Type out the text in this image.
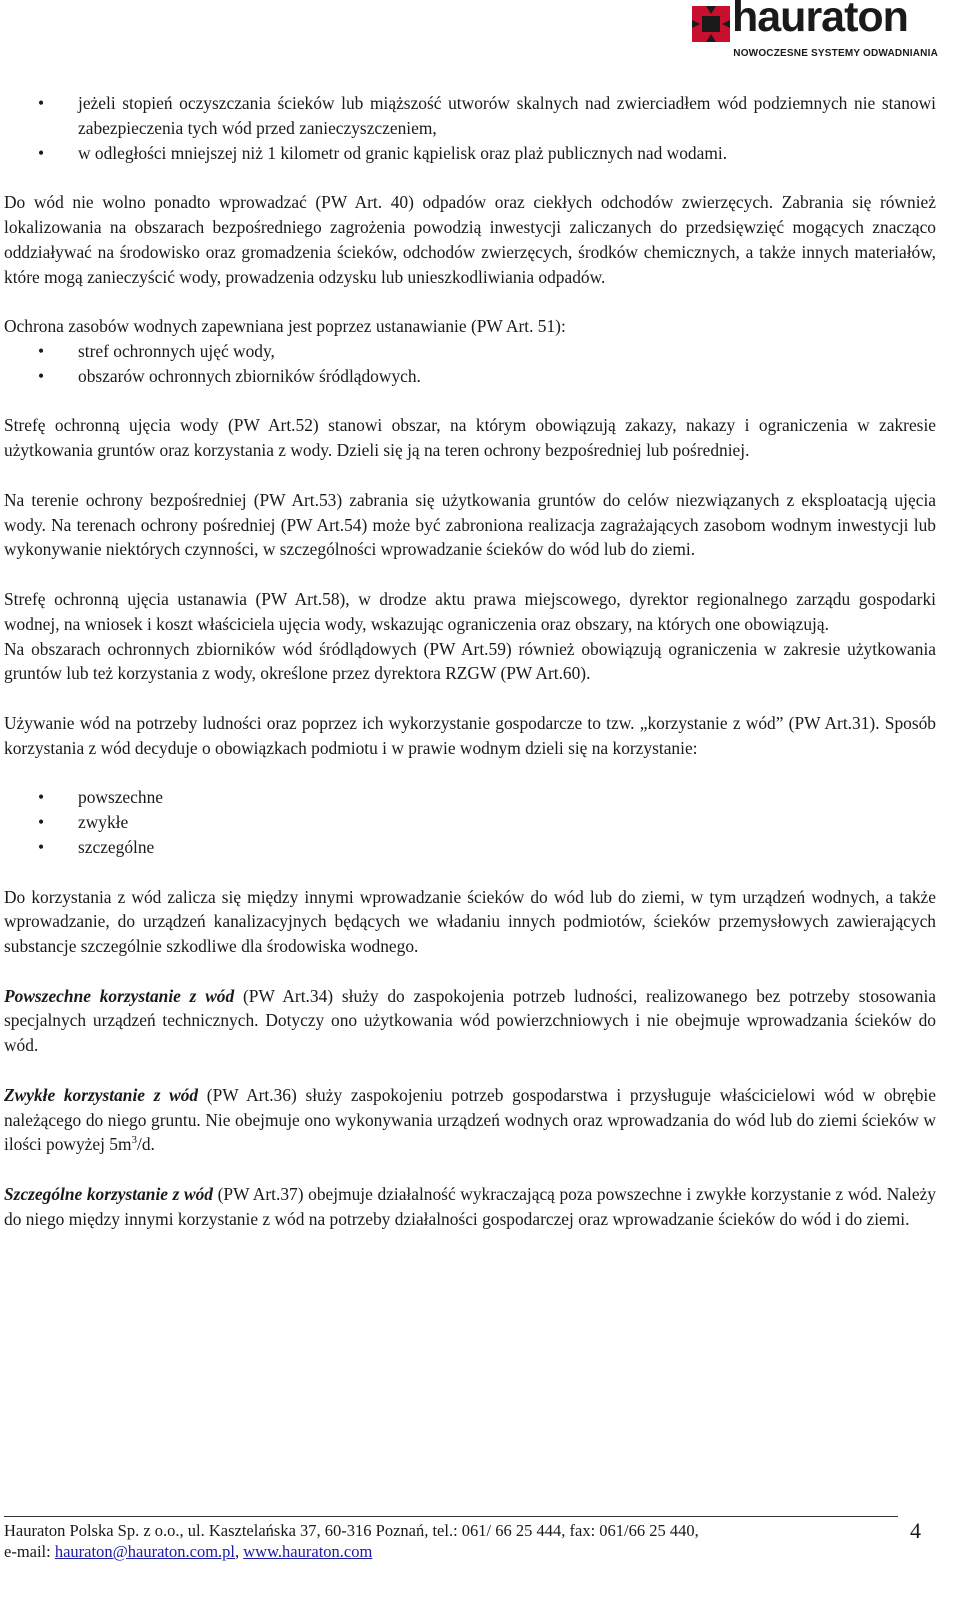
hauraton
NOWOCZESNE SYSTEMY ODWADNIANIA
• jeżeli stopień oczyszczania ścieków lub miąższość utworów skalnych nad zwierciadłem wód podziemnych nie stanowi zabezpieczenia tych wód przed zanieczyszczeniem,
• w odległości mniejszej niż 1 kilometr od granic kąpielisk oraz plaż publicznych nad wodami.

Do wód nie wolno ponadto wprowadzać (PW Art. 40) odpadów oraz ciekłych odchodów zwierzęcych. Zabrania się również lokalizowania na obszarach bezpośredniego zagrożenia powodzią inwestycji zaliczanych do przedsięwzięć mogących znacząco oddziaływać na środowisko oraz gromadzenia ścieków, odchodów zwierzęcych, środków chemicznych, a także innych materiałów, które mogą zanieczyścić wody, prowadzenia odzysku lub unieszkodliwiania odpadów.

Ochrona zasobów wodnych zapewniana jest poprzez ustanawianie (PW Art. 51):

• stref ochronnych ujęć wody,
• obszarów ochronnych zbiorników śródlądowych.

Strefę ochronną ujęcia wody (PW Art.52) stanowi obszar, na którym obowiązują zakazy, nakazy i ograniczenia w zakresie użytkowania gruntów oraz korzystania z wody. Dzieli się ją na teren ochrony bezpośredniej lub pośredniej.

Na terenie ochrony bezpośredniej (PW Art.53) zabrania się użytkowania gruntów do celów niezwiązanych z eksploatacją ujęcia wody. Na terenach ochrony pośredniej (PW Art.54) może być zabroniona realizacja zagrażających zasobom wodnym inwestycji lub wykonywanie niektórych czynności, w szczególności wprowadzanie ścieków do wód lub do ziemi.

Strefę ochronną ujęcia ustanawia (PW Art.58), w drodze aktu prawa miejscowego, dyrektor regionalnego zarządu gospodarki wodnej, na wniosek i koszt właściciela ujęcia wody, wskazując ograniczenia oraz obszary, na których one obowiązują.

Na obszarach ochronnych zbiorników wód śródlądowych (PW Art.59) również obowiązują ograniczenia w zakresie użytkowania gruntów lub też korzystania z wody, określone przez dyrektora RZGW (PW Art.60).

Używanie wód na potrzeby ludności oraz poprzez ich wykorzystanie gospodarcze to tzw. „korzystanie z wód” (PW Art.31). Sposób korzystania z wód decyduje o obowiązkach podmiotu i w prawie wodnym dzieli się na korzystanie:

• powszechne
• zwykłe
• szczególne

Do korzystania z wód zalicza się między innymi wprowadzanie ścieków do wód lub do ziemi, w tym urządzeń wodnych, a także wprowadzanie, do urządzeń kanalizacyjnych będących we władaniu innych podmiotów, ścieków przemysłowych zawierających substancje szczególnie szkodliwe dla środowiska wodnego.

Powszechne korzystanie z wód (PW Art.34) służy do zaspokojenia potrzeb ludności, realizowanego bez potrzeby stosowania specjalnych urządzeń technicznych. Dotyczy ono użytkowania wód powierzchniowych i nie obejmuje wprowadzania ścieków do wód.

Zwykłe korzystanie z wód (PW Art.36) służy zaspokojeniu potrzeb gospodarstwa i przysługuje właścicielowi wód w obrębie należącego do niego gruntu. Nie obejmuje ono wykonywania urządzeń wodnych oraz wprowadzania do wód lub do ziemi ścieków w ilości powyżej $5m^3/d$.

Szczególne korzystanie z wód (PW Art.37) obejmuje działalność wykraczającą poza powszechne i zwykłe korzystanie z wód. Należy do niego między innymi korzystanie z wód na potrzeby działalności gospodarczej oraz wprowadzanie ścieków do wód i do ziemi.

Hauraton Polska Sp. z o.o., ul. Kasztelańska 37, 60-316 Poznań, tel.: 061/ 66 25 444, fax: 061/66 25 440,
e-mail: hauraton@hauraton.com.pl, www.hauraton.com
4
